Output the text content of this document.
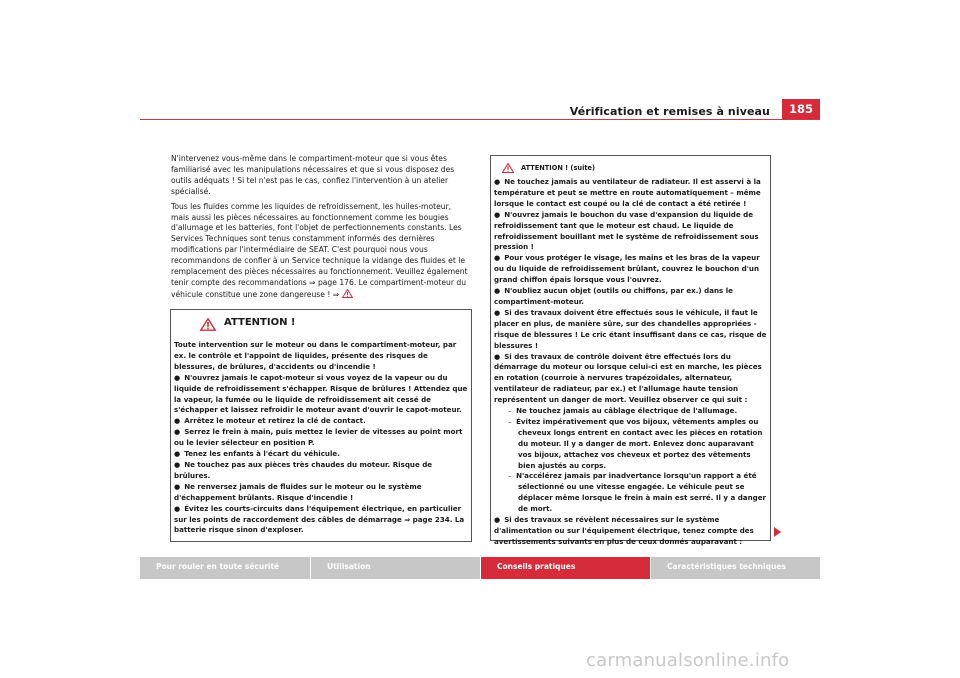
Vérification et remises à niveau	185

N'intervenez vous-même dans le compartiment-moteur que si vous êtes familiarisé avec les manipulations nécessaires et que si vous disposez des outils adéquats ! Si tel n'est pas le cas, confiez l'intervention à un atelier spécialisé.

Tous les fluides comme les liquides de refroidissement, les huiles-moteur, mais aussi les pièces nécessaires au fonctionnement comme les bougies d'allumage et les batteries, font l'objet de perfectionnements constants. Les Services Techniques sont tenus constamment informés des dernières modifications par l'intermédiaire de SEAT. C'est pourquoi nous vous recommandons de confier à un Service technique la vidange des fluides et le remplacement des pièces nécessaires au fonctionnement. Veuillez également tenir compte des recommandations ⇒ page 176. Le compartiment-moteur du véhicule constitue une zone dangereuse ! ⇒

ATTENTION !

Toute intervention sur le moteur ou dans le compartiment-moteur, par ex. le contrôle et l'appoint de liquides, présente des risques de blessures, de brûlures, d'accidents ou d'incendie !

● N'ouvrez jamais le capot-moteur si vous voyez de la vapeur ou du liquide de refroidissement s'échapper. Risque de brûlures ! Attendez que la vapeur, la fumée ou le liquide de refroidissement ait cessé de s'échapper et laissez refroidir le moteur avant d'ouvrir le capot-moteur.

● Arrêtez le moteur et retirez la clé de contact.

● Serrez le frein à main, puis mettez le levier de vitesses au point mort ou le levier sélecteur en position P.

● Tenez les enfants à l'écart du véhicule.

● Ne touchez pas aux pièces très chaudes du moteur. Risque de brûlures.

● Ne renversez jamais de fluides sur le moteur ou le système d'échappement brûlants. Risque d'incendie !

● Évitez les courts-circuits dans l'équipement électrique, en particulier sur les points de raccordement des câbles de démarrage ⇒ page 234. La batterie risque sinon d'exploser.

ATTENTION ! (suite)

● Ne touchez jamais au ventilateur de radiateur. Il est asservi à la température et peut se mettre en route automatiquement – même lorsque le contact est coupé ou la clé de contact a été retirée !

● N'ouvrez jamais le bouchon du vase d'expansion du liquide de refroidissement tant que le moteur est chaud. Le liquide de refroidissement bouillant met le système de refroidissement sous pression !

● Pour vous protéger le visage, les mains et les bras de la vapeur ou du liquide de refroidissement brûlant, couvrez le bouchon d'un grand chiffon épais lorsque vous l'ouvrez.

● N'oubliez aucun objet (outils ou chiffons, par ex.) dans le compartiment-moteur.

● Si des travaux doivent être effectués sous le véhicule, il faut le placer en plus, de manière sûre, sur des chandelles appropriées - risque de blessures ! Le cric étant insuffisant dans ce cas, risque de blessures !

● Si des travaux de contrôle doivent être effectués lors du démarrage du moteur ou lorsque celui-ci est en marche, les pièces en rotation (courroie à nervures trapézoïdales, alternateur, ventilateur de radiateur, par ex.) et l'allumage haute tension représentent un danger de mort. Veuillez observer ce qui suit :

–  Ne touchez jamais au câblage électrique de l'allumage.

–  Évitez impérativement que vos bijoux, vêtements amples ou cheveux longs entrent en contact avec les pièces en rotation du moteur. Il y a danger de mort. Enlevez donc auparavant vos bijoux, attachez vos cheveux et portez des vêtements bien ajustés au corps.

–  N'accélérez jamais par inadvertance lorsqu'un rapport a été sélectionné ou une vitesse engagée. Le véhicule peut se déplacer même lorsque le frein à main est serré. Il y a danger de mort.

● Si des travaux se révèlent nécessaires sur le système d'alimentation ou sur l'équipement électrique, tenez compte des avertissements suivants en plus de ceux donnés auparavant :

Pour rouler en toute sécurité	Utilisation	Conseils pratiques	Caractéristiques techniques
carmanualsonline.info
